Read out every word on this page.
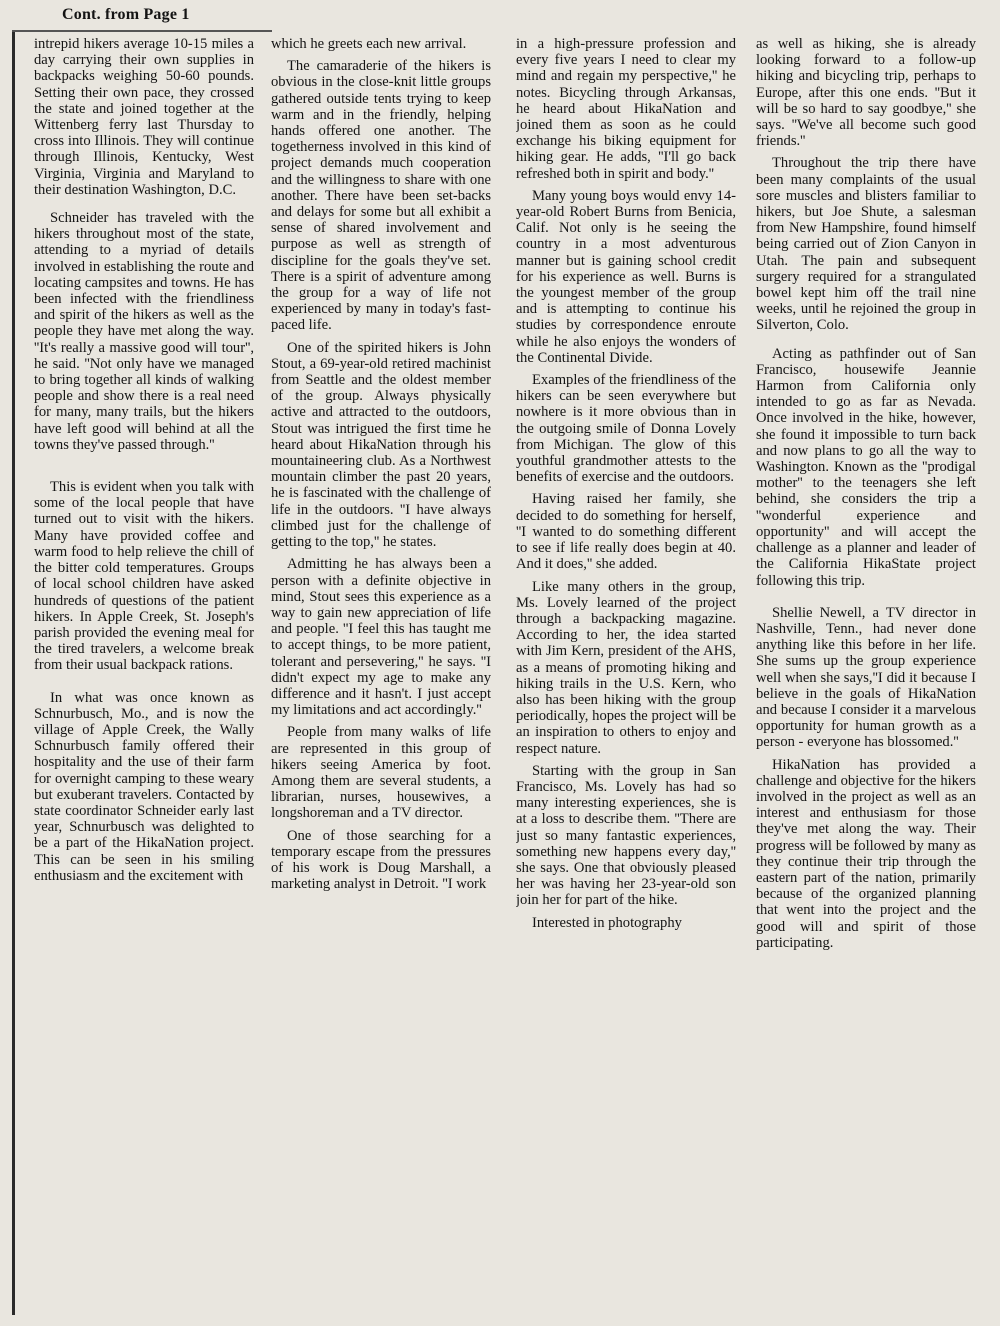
Cont. from Page 1

intrepid hikers average 10-15 miles a day carrying their own supplies in backpacks weighing 50-60 pounds. Setting their own pace, they crossed the state and joined together at the Wittenberg ferry last Thursday to cross into Illinois. They will continue through Illinois, Kentucky, West Virginia, Virginia and Maryland to their destination Washington, D.C.

Schneider has traveled with the hikers throughout most of the state, attending to a myriad of details involved in establishing the route and locating campsites and towns. He has been infected with the friendliness and spirit of the hikers as well as the people they have met along the way. ''It's really a massive good will tour'', he said. ''Not only have we managed to bring together all kinds of walking people and show there is a real need for many, many trails, but the hikers have left good will behind at all the towns they've passed through.''

This is evident when you talk with some of the local people that have turned out to visit with the hikers. Many have provided coffee and warm food to help relieve the chill of the bitter cold temperatures. Groups of local school children have asked hundreds of questions of the patient hikers. In Apple Creek, St. Joseph's parish provided the evening meal for the tired travelers, a welcome break from their usual backpack rations.

In what was once known as Schnurbusch, Mo., and is now the village of Apple Creek, the Wally Schnurbusch family offered their hospitality and the use of their farm for overnight camping to these weary but exuberant travelers. Contacted by state coordinator Schneider early last year, Schnurbusch was delighted to be a part of the HikaNation project. This can be seen in his smiling enthusiasm and the excitement with

which he greets each new arrival.

The camaraderie of the hikers is obvious in the close-knit little groups gathered outside tents trying to keep warm and in the friendly, helping hands offered one another. The togetherness involved in this kind of project demands much cooperation and the willingness to share with one another. There have been set-backs and delays for some but all exhibit a sense of shared involvement and purpose as well as strength of discipline for the goals they've set. There is a spirit of adventure among the group for a way of life not experienced by many in today's fast-paced life.

One of the spirited hikers is John Stout, a 69-year-old retired machinist from Seattle and the oldest member of the group. Always physically active and attracted to the outdoors, Stout was intrigued the first time he heard about HikaNation through his mountaineering club. As a Northwest mountain climber the past 20 years, he is fascinated with the challenge of life in the outdoors. ''I have always climbed just for the challenge of getting to the top,'' he states.

Admitting he has always been a person with a definite objective in mind, Stout sees this experience as a way to gain new appreciation of life and people. ''I feel this has taught me to accept things, to be more patient, tolerant and persevering,'' he says. ''I didn't expect my age to make any difference and it hasn't. I just accept my limitations and act accordingly.''

People from many walks of life are represented in this group of hikers seeing America by foot. Among them are several students, a librarian, nurses, housewives, a longshoreman and a TV director.

One of those searching for a temporary escape from the pressures of his work is Doug Marshall, a marketing analyst in Detroit. ''I work

in a high-pressure profession and every five years I need to clear my mind and regain my perspective,'' he notes. Bicycling through Arkansas, he heard about HikaNation and joined them as soon as he could exchange his biking equipment for hiking gear. He adds, ''I'll go back refreshed both in spirit and body.''

Many young boys would envy 14-year-old Robert Burns from Benicia, Calif. Not only is he seeing the country in a most adventurous manner but is gaining school credit for his experience as well. Burns is the youngest member of the group and is attempting to continue his studies by correspondence enroute while he also enjoys the wonders of the Continental Divide.

Examples of the friendliness of the hikers can be seen everywhere but nowhere is it more obvious than in the outgoing smile of Donna Lovely from Michigan. The glow of this youthful grandmother attests to the benefits of exercise and the outdoors.

Having raised her family, she decided to do something for herself, ''I wanted to do something different to see if life really does begin at 40. And it does,'' she added.

Like many others in the group, Ms. Lovely learned of the project through a backpacking magazine. According to her, the idea started with Jim Kern, president of the AHS, as a means of promoting hiking and hiking trails in the U.S. Kern, who also has been hiking with the group periodically, hopes the project will be an inspiration to others to enjoy and respect nature.

Starting with the group in San Francisco, Ms. Lovely has had so many interesting experiences, she is at a loss to describe them. ''There are just so many fantastic experiences, something new happens every day,'' she says. One that obviously pleased her was having her 23-year-old son join her for part of the hike.

Interested in photography

as well as hiking, she is already looking forward to a follow-up hiking and bicycling trip, perhaps to Europe, after this one ends. ''But it will be so hard to say goodbye,'' she says. ''We've all become such good friends.''

Throughout the trip there have been many complaints of the usual sore muscles and blisters familiar to hikers, but Joe Shute, a salesman from New Hampshire, found himself being carried out of Zion Canyon in Utah. The pain and subsequent surgery required for a strangulated bowel kept him off the trail nine weeks, until he rejoined the group in Silverton, Colo.

Acting as pathfinder out of San Francisco, housewife Jeannie Harmon from California only intended to go as far as Nevada. Once involved in the hike, however, she found it impossible to turn back and now plans to go all the way to Washington. Known as the ''prodigal mother'' to the teenagers she left behind, she considers the trip a ''wonderful experience and opportunity'' and will accept the challenge as a planner and leader of the California HikaState project following this trip.

Shellie Newell, a TV director in Nashville, Tenn., had never done anything like this before in her life. She sums up the group experience well when she says,''I did it because I believe in the goals of HikaNation and because I consider it a marvelous opportunity for human growth as a person - everyone has blossomed.''

HikaNation has provided a challenge and objective for the hikers involved in the project as well as an interest and enthusiasm for those they've met along the way. Their progress will be followed by many as they continue their trip through the eastern part of the nation, primarily because of the organized planning that went into the project and the good will and spirit of those participating.
